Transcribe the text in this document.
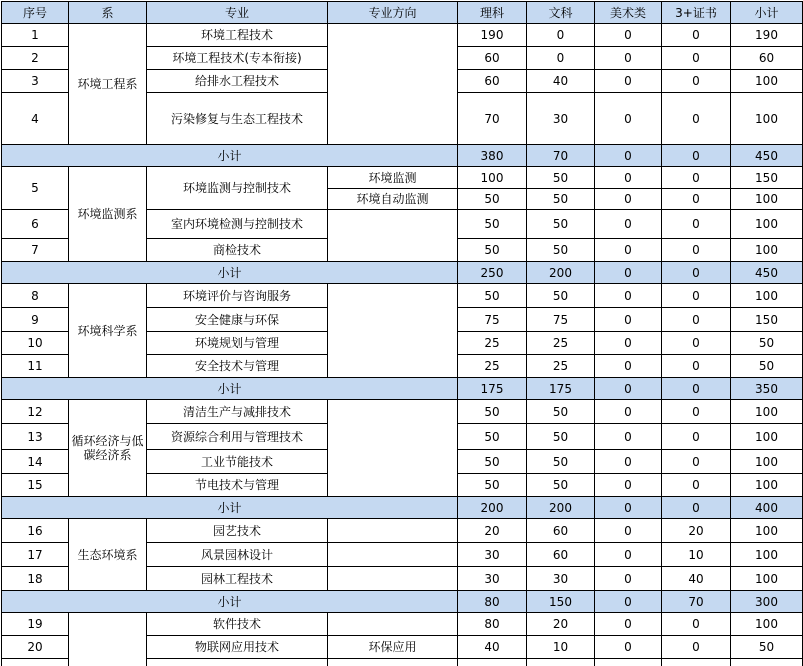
序号	系	专业	专业方向	理科	文科	美术类	3+证书	小计
1	环境工程系	环境工程技术		190	0	0	0	190
2		环境工程技术(专本衔接)		60	0	0	0	60
3		给排水工程技术		60	40	0	0	100
4		污染修复与生态工程技术		70	30	0	0	100
小计				380	70	0	0	450
5	环境监测系	环境监测与控制技术	环境监测	100	50	0	0	150
			环境自动监测	50	50	0	0	100
6		室内环境检测与控制技术		50	50	0	0	100
7		商检技术		50	50	0	0	100
小计				250	200	0	0	450
8	环境科学系	环境评价与咨询服务		50	50	0	0	100
9		安全健康与环保		75	75	0	0	150
10		环境规划与管理		25	25	0	0	50
11		安全技术与管理		25	25	0	0	50
小计				175	175	0	0	350
12	循环经济与低碳经济系	清洁生产与减排技术		50	50	0	0	100
13		资源综合利用与管理技术		50	50	0	0	100
14		工业节能技术		50	50	0	0	100
15		节电技术与管理		50	50	0	0	100
小计				200	200	0	0	400
16	生态环境系	园艺技术		20	60	0	20	100
17		风景园林设计		30	60	0	10	100
18		园林工程技术		30	30	0	40	100
小计				80	150	0	70	300
19		软件技术		80	20	0	0	100
20		物联网应用技术	环保应用	40	10	0	0	50
